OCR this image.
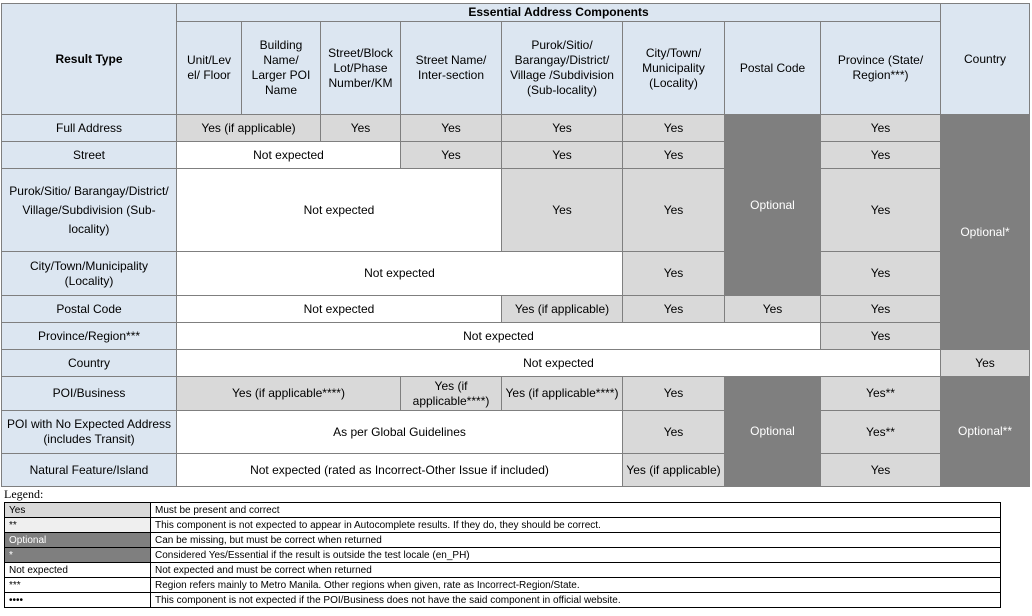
Result Type	Essential Address Components								Country
	Unit/Lev el/ Floor	Building Name/ Larger POI Name	Street/Block Lot/Phase Number/KM	Street Name/ Inter-section	Purok/Sitio/ Barangay/District/ Village /Subdivision (Sub-locality)	City/Town/ Municipality (Locality)	Postal Code	Province (State/ Region***)	
Full Address	Yes (if applicable)		Yes	Yes	Yes	Yes	Optional	Yes	Optional*
Street	Not expected			Yes	Yes	Yes		Yes	
Purok/Sitio/ Barangay/District/ Village/Subdivision (Sub-locality)	Not expected				Yes	Yes		Yes	
City/Town/Municipality (Locality)	Not expected					Yes		Yes	
Postal Code	Not expected				Yes (if applicable)	Yes	Yes	Yes	
Province/Region***	Not expected							Yes	
Country	Not expected								Yes
POI/Business	Yes (if applicable****)			Yes (if applicable****)	Yes (if applicable****)	Yes	Optional	Yes**	Optional**
POI with No Expected Address (includes Transit)	As per Global Guidelines					Yes		Yes**	
Natural Feature/Island	Not expected (rated as Incorrect-Other Issue if included)					Yes (if applicable)		Yes	
Legend:
Yes	Must be present and correct
**	This component is not expected to appear in Autocomplete results. If they do, they should be correct.
Optional	Can be missing, but must be correct when returned
*	Considered Yes/Essential if the result is outside the test locale (en_PH)
Not expected	Not expected and must be correct when returned
***	Region refers mainly to Metro Manila. Other regions when given, rate as Incorrect-Region/State.
••••	This component is not expected if the POI/Business does not have the said component in official website.
